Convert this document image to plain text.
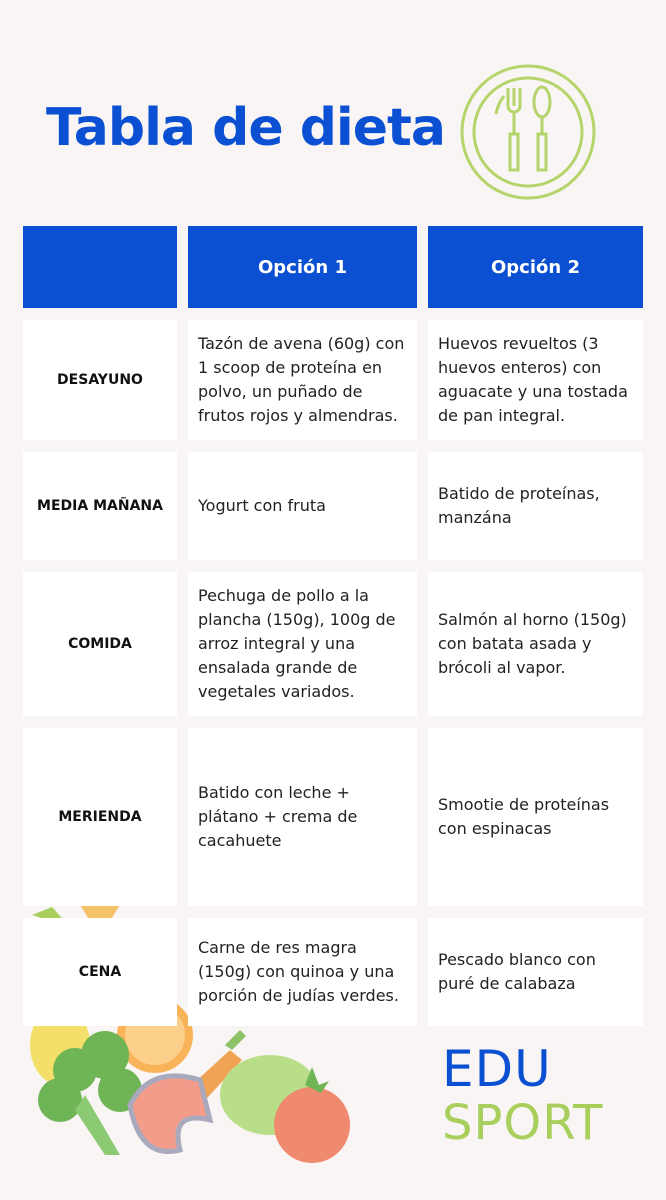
Tabla de dieta
Opción 1	Opción 2
DESAYUNO
Tazón de avena (60g) con 1 scoop de proteína en polvo, un puñado de frutos rojos y almendras.
Huevos revueltos (3 huevos enteros) con aguacate y una tostada de pan integral.
MEDIA MAÑANA	Yogurt con fruta
Batido de proteínas, manzána
COMIDA
Pechuga de pollo a la plancha (150g), 100g de arroz integral y una ensalada grande de vegetales variados.
Salmón al horno (150g) con batata asada y brócoli al vapor.
MERIENDA
Batido con leche + plátano + crema de cacahuete
Smootie de proteínas con espinacas
CENA
Carne de res magra (150g) con quinoa y una porción de judías verdes.
Pescado blanco con puré de calabaza
EDU
SPORT
